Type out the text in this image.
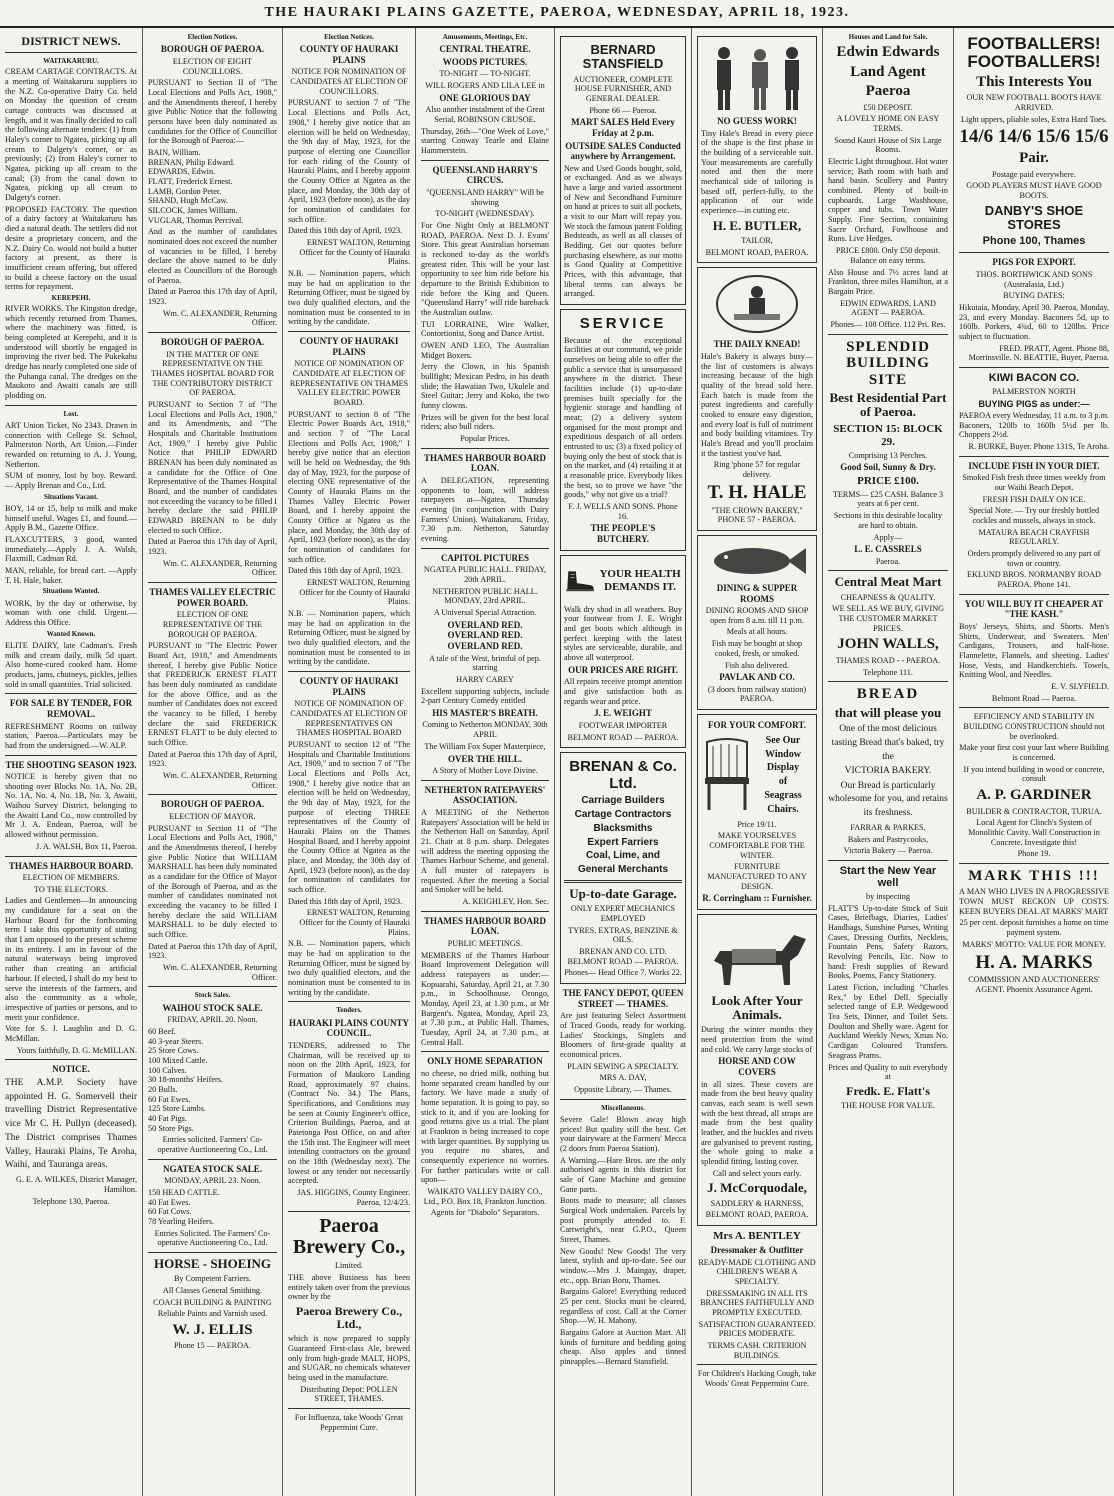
THE HAURAKI PLAINS GAZETTE, PAEROA, WEDNESDAY, APRIL 18, 1923.
DISTRICT NEWS.
WAITAKARURU.
CREAM CARTAGE CONTRACTS. At a meeting of Waitakaruru suppliers to the N.Z. Co-operative Dairy Co. held on Monday the question of cream cartage contracts was discussed at length, and it was finally decided to call the following alternate tenders: (1) from Haley's corner to Ngatea, picking up all cream to Dalgety's corner, or as previously; (2) from Haley's corner to Ngatea, picking up all cream to the canal; (3) from the canal down to Ngatea, picking up all cream to Dalgety's corner.
PROPOSED FACTORY. The question of a dairy factory at Waitakaruru has died a natural death. The settlers did not desire a proprietary concern, and the N.Z. Dairy Co. would not build a butter factory at present, as there is insufficient cream offering, but offered to build a cheese factory on the usual terms for repayment.
KEREPEHI.
RIVER WORKS. The Kingston dredge, which recently returned from Thames, where the machinery was fitted, is being completed at Kerepehi, and it is understood will shortly be engaged in improving the river bed. The Pukekahu dredge has nearly completed one side of the Puhanga canal. The dredges on the Maukoro and Awaiti canals are still plodding on.
Lost.
ART Union Ticket, No 2343. Drawn in connection with Cellege St. School, Palmerston North, Art Union.—Finder rewarded on returning to A. J. Young, Netherton.
SUM of money, lost by boy. Reward. — Apply Brenan and Co., Ltd.
Situations Vacant.
BOY, 14 or 15, help to milk and make himself useful. Wages £1, and found.—Apply B.M., Gazette Office.
FLAXCUTTERS, 3 good, wanted immediately.—Apply J. A. Walsh, Flaxmill, Cadman Rd.
MAN, reliable, for bread cart. —Apply T. H. Hale, baker.
Situations Wanted.
WORK, by the day or otherwise, by woman with one child. Urgent.—Address this Office.
Wanted Known.
ELITE DAIRY, late Cadman's. Fresh milk and cream daily, milk 5d quart. Also home-cured cooked ham. Home products, jams, chutneys, pickles, jellies sold in small quantities. Trial solicited.
FOR SALE BY TENDER, FOR REMOVAL.
REFRESHMENT Rooms on railway station, Paeroa.—Particulars may be had from the undersigned.—W. ALP.
THE SHOOTING SEASON 1923.
NOTICE is hereby given that no shooting over Blocks No. 1A, No. 2B, No. 1A, No. 4, No. 1B, No. 3, Awaiti, Waihou Survey District, belonging to the Awaiti Land Co., now controlled by Mr J. A. Endean, Paeroa, will be allowed without permission.
J. A. WALSH, Box 11, Paeroa.
THAMES HARBOUR BOARD.
ELECTION OF MEMBERS.
TO THE ELECTORS.
Ladies and Gentlemen—In announcing my candidature for a seat on the Harbour Board for the forthcoming term I take this opportunity of stating that I am opposed to the present scheme in its entirety. I am in favour of the natural waterways being improved rather than creating an artificial harbour. If elected, I shall do my best to serve the interests of the farmers, and also the community as a whole, irrespective of parties or persons, and to merit your confidence.
Vote for S. J. Laughlin and D. G. McMillan.
Yours faithfully, D. G. McMILLAN.
NOTICE.
THE A.M.P. Society have appointed H. G. Somervell their travelling District Representative vice Mr C. H. Pullyn (deceased). The District comprises Thames Valley, Hauraki Plains, Te Aroha, Waihi, and Tauranga areas.
G. E. A. WILKES, District Manager, Hamilton.
Telephone 130, Paeroa.
Election Notices.
BOROUGH OF PAEROA.
ELECTION OF EIGHT COUNCILLORS.
PURSUANT to Section II of "The Local Elections and Polls Act, 1908," and the Amendments thereof, I hereby give Public Notice that the following persons have been duly nominated as candidates for the Office of Councillor for the Borough of Paeroa:—
BAIN, William.
BRENAN, Philip Edward.
EDWARDS, Edwin.
FLATT, Frederick Ernest.
LAMB, Gordon Peter.
SHAND, Hugh McCaw.
SILCOCK, James William.
VUGLAR, Thomas Percival.
And as the number of candidates nominated does not exceed the number of vacancies to be filled, I hereby declare the above named to be duly elected as Councillors of the Borough of Paeroa.
Dated at Paeroa this 17th day of April, 1923.
Wm. C. ALEXANDER, Returning Officer.
BOROUGH OF PAEROA.
IN THE MATTER OF ONE REPRESENTATIVE ON THE THAMES HOSPITAL BOARD FOR THE CONTRIBUTORY DISTRICT OF PAEROA.
PURSUANT to Section 7 of "The Local Elections and Polls Act, 1908," and its Amendments, and "The Hospitals and Charitable Institutions Act, 1909," I hereby give Public Notice that PHILIP EDWARD BRENAN has been duly nominated as a candidate for the Office of One Representative of the Thames Hospital Board, and the number of candidates not exceeding the vacancy to be filled I hereby declare the said PHILIP EDWARD BRENAN to be duly elected to such Office.
Dated at Paeroa this 17th day of April, 1923.
Wm. C. ALEXANDER, Returning Officer.
THAMES VALLEY ELECTRIC POWER BOARD.
ELECTION OF ONE REPRESENTATIVE OF THE BOROUGH OF PAEROA.
PURSUANT to "The Electric Power Board Act, 1918," and Amendments thereof, I hereby give Public Notice that FREDERICK ERNEST FLATT has been duly nominated as candidate for the above Office, and as the number of Candidates does not exceed the vacancy to be filled, I hereby declare the said FREDERICK ERNEST FLATT to be duly elected to such Office.
Dated at Paeroa this 17th day of April, 1923.
Wm. C. ALEXANDER, Returning Officer.
BOROUGH OF PAEROA.
ELECTION OF MAYOR.
PURSUANT to Section 11 of "The Local Elections and Polls Act, 1908," and the Amendments thereof, I hereby give Public Notice that WILLIAM MARSHALL has been duly nominated as a candidate for the Office of Mayor of the Borough of Paeroa, and as the number of candidates nominated not exceeding the vacancy to be filled I hereby declare the said WILLIAM MARSHALL to be duly elected to such Office.
Dated at Paeroa this 17th day of April, 1923.
Wm. C. ALEXANDER, Returning Officer.
Stock Sales.
WAIHOU STOCK SALE.
FRIDAY, APRIL 20. Noon.
60 Beef.
40 3-year Steers.
25 Store Cows.
100 Mixed Cattle.
100 Calves.
30 18-months' Heifers.
20 Bulls.
60 Fat Ewes.
125 Store Lambs.
40 Fat Pigs.
50 Store Pigs.
Entries solicited. Farmers' Co-operative Auctioneering Co., Ltd.
NGATEA STOCK SALE.
MONDAY, APRIL 23. Noon.
150 HEAD CATTLE.
40 Fat Ewes.
60 Fat Cows.
78 Yearling Heifers.
Entries Solicited. The Farmers' Co-operative Auctioneering Co., Ltd.
HORSE - SHOEING
By Competent Farriers.
All Classes General Smithing.
COACH BUILDING & PAINTING
Reliable Paints and Varnish used.
W. J. ELLIS
Phone 15 — PAEROA.
Election Notices.
COUNTY OF HAURAKI PLAINS
NOTICE FOR NOMINATION OF CANDIDATES AT ELECTION OF COUNCILLORS.
PURSUANT to section 7 of "The Local Elections and Polls Act, 1908," I hereby give notice that an election will be held on Wednesday, the 9th day of May, 1923, for the purpose of electing one Councillor for each riding of the County of Hauraki Plains, and I hereby appoint the County Office at Ngatea as the place, and Monday, the 30th day of April, 1923 (before noon), as the day for nomination of candidates for such office.
Dated this 18th day of April, 1923.
ERNEST WALTON, Returning Officer for the County of Hauraki Plains.
N.B. — Nomination papers, which may be had on application to the Returning Officer, must be signed by two duly qualified electors, and the nomination must be consented to in writing by the candidate.
COUNTY OF HAURAKI PLAINS
NOTICE OF NOMINATION OF CANDIDATE AT ELECTION OF REPRESENTATIVE ON THAMES VALLEY ELECTRIC POWER BOARD.
PURSUANT to section 8 of "The Electric Power Boards Act, 1918," and section 7 of "The Local Elections and Polls Act, 1908," I hereby give notice that an election will be held on Wednesday, the 9th day of May, 1923, for the purpose of electing ONE representative of the County of Hauraki Plains on the Thames Valley Electric Power Board, and I hereby appoint the County Office at Ngatea as the place, and Monday, the 30th day of April, 1923 (before noon), as the day for nomination of candidates for such office.
Dated this 18th day of April, 1923.
ERNEST WALTON, Returning Officer for the County of Hauraki Plains.
N.B. — Nomination papers, which may be had on application to the Returning Officer, must be signed by two duly qualified electors, and the nomination must be consented to in writing by the candidate.
COUNTY OF HAURAKI PLAINS
NOTICE OF NOMINATION OF CANDIDATES AT ELECTION OF REPRESENTATIVES ON THAMES HOSPITAL BOARD
PURSUANT to section 12 of "The Hospitals and Charitable Institutions Act, 1909," and to section 7 of "The Local Elections and Polls Act, 1908," I hereby give notice that an election will be held on Wednesday, the 9th day of May, 1923, for the purpose of electing THREE representatives of the County of Hauraki Plains on the Thames Hospital Board, and I hereby appoint the County Office at Ngatea as the place, and Monday, the 30th day of April, 1923 (before noon), as the day for nomination of candidates for such office.
Dated this 18th day of April, 1923.
ERNEST WALTON, Returning Officer for the County of Hauraki Plains.
N.B. — Nomination papers, which may be had on application to the Returning Officer, must be signed by two duly qualified electors, and the nomination must be consented to in writing by the candidate.
Tenders.
HAURAKI PLAINS COUNTY COUNCIL.
TENDERS, addressed to The Chairman, will be received up to noon on the 20th April, 1923, for Formation of Maukoro Landing Road, approximately 97 chains. (Contract No. 34.) The Plans, Specifications, and Conditions may be seen at County Engineer's office, Criterion Buildings, Paeroa, and at Patetonga Post Office, on and after the 15th inst. The Engineer will meet intending contractors on the ground on the 18th (Wednesday next). The lowest or any tender not necessarily accepted.
JAS. HIGGINS, County Engineer. Paeroa, 12/4/23.
Paeroa Brewery Co.,
Limited.
THE above Business has been entirely taken over from the previous owner by the
Paeroa Brewery Co., Ltd.,
which is now prepared to supply Guaranteed First-class Ale, brewed only from high-grade MALT, HOPS, and SUGAR, no chemicals whatever being used in the manufacture.
Distributing Depot: POLLEN STREET, THAMES.
For Influenza, take Woods' Great Peppermint Cure.
Amusements, Meetings, Etc.
CENTRAL THEATRE.
WOODS PICTURES.
TO-NIGHT — TO-NIGHT.
WILL ROGERS AND LILA LEE in
ONE GLORIOUS DAY
Also another instalment of the Great Serial, ROBINSON CRUSOE.
Thursday, 26th—"One Week of Love," starring Conway Tearle and Elaine Hammerstein.
QUEENSLAND HARRY'S CIRCUS.
"QUEENSLAND HARRY" Will be showing
TO-NIGHT (WEDNESDAY).
For One Night Only at BELMONT ROAD, PAEROA. Next D. J. Evans' Store. This great Australian horseman is reckoned to-day as the world's greatest rider. This will be your last opportunity to see him ride before his departure to the British Exhibition to ride before the King and Queen. "Queensland Harry" will ride bareback the Australian outlaw.
TUI LORRAINE, Wire Walker, Contortionist, Song and Dance Artist.
OWEN AND LEO, The Australian Midget Boxers.
Jerry the Clown, in his Spanish bullfight; Mexican Pedro, in his death slide; the Hawaiian Two, Ukulele and Steel Guitar; Jerry and Koko, the two funny clowns.
Prizes will be given for the best local riders; also bull riders.
Popular Prices.
THAMES HARBOUR BOARD LOAN.
A DELEGATION, representing opponents to loan, will address ratepayers at—Ngatea, Thursday evening (in conjunction with Dairy Farmers' Union). Waitakaruru, Friday, 7.30 p.m. Netherton, Saturday evening.
CAPITOL PICTURES
NGATEA PUBLIC HALL. FRIDAY, 20th APRIL.
NETHERTON PUBLIC HALL. MONDAY, 23rd APRIL.
A Universal Special Attraction.
OVERLAND RED. OVERLAND RED. OVERLAND RED.
A tale of the West, brimful of pep. starring
HARRY CAREY
Excellent supporting subjects, include 2-part Century Comedy entitled
HIS MASTER'S BREATH.
Coming to Netherton MONDAY, 30th APRIL
The William Fox Super Masterpiece,
OVER THE HILL.
A Story of Mother Love Divine.
NETHERTON RATEPAYERS' ASSOCIATION.
A MEETING of the Netherton Ratepayers' Association will be held in the Netherton Hall on Saturday, April 21. Chair at 8 p.m. sharp. Delegates will address the meeting opposing the Thames Harbour Scheme, and general. A full muster of ratepayers is requested. After the meeting a Social and Smoker will be held.
A. KEIGHLEY, Hon. Sec.
THAMES HARBOUR BOARD LOAN.
PUBLIC MEETINGS.
MEMBERS of the Thames Harbour Board Improvement Delegation will address ratepayers as under:—Kopuarahi, Saturday, April 21, at 7.30 p.m., in Schoolhouse. Orongo, Monday, April 23, at 1.30 p.m., at Mr Bargent's. Ngatea, Monday, April 23, at 7.30 p.m., at Public Hall. Thames, Tuesday, April 24, at 7.30 p.m., at Central Hall.
ONLY HOME SEPARATION
no cheese, no dried milk, nothing but home separated cream handled by our factory. We have made a study of home separation. It is going to pay, so stick to it, and if you are looking for good returns give us a trial. The plant at Frankton is being increased to cope with larger quantities. By supplying us you require no shares, and consequently experience no worries. For further particulars write or call upon—
WAIKATO VALLEY DAIRY CO., Ltd., P.O. Box 18, Frankton Junction.
Agents for "Diabolo" Separators.
BERNARD STANSFIELD
AUCTIONEER, COMPLETE HOUSE FURNISHER, AND GENERAL DEALER.
Phone 66 — Paeroa.
MART SALES Held Every Friday at 2 p.m.
OUTSIDE SALES Conducted anywhere by Arrangement.
New and Used Goods bought, sold, or exchanged. And as we always have a large and varied assortment of New and Secondhand Furniture on hand at prices to suit all pockets, a visit to our Mart will repay you. We stock the famous patent Folding Bedsteads, as well as all classes of Bedding. Get our quotes before purchasing elsewhere, as our motto is Good Quality at Competitive Prices, with this advantage, that liberal terms can always be arranged.
SERVICE
Because of the exceptional facilities at our command, we pride ourselves on being able to offer the public a service that is unsurpassed anywhere in the district. These facilities include (1) up-to-date premises built specially for the hygienic storage and handling of meat; (2) a delivery system organised for the most prompt and expeditious despatch of all orders entrusted to us; (3) a fixed policy of buying only the best of stock that is on the market, and (4) retailing it at a reasonable price. Everybody likes the best, so to prove we have "the goods," why not give us a trial?
F. J. WELLS AND SONS. Phone 16.
THE PEOPLE'S BUTCHERY.
YOUR HEALTH DEMANDS IT.
Walk dry shod in all weathers. Buy your footwear from J. E. Wright and get boots which although in perfect keeping with the latest styles are serviceable, durable, and above all waterproof.
OUR PRICES ARE RIGHT.
All repairs receive prompt attention and give satisfaction both as regards wear and price.
J. E. WEIGHT
FOOTWEAR IMPORTER
BELMONT ROAD — PAEROA.
BRENAN & Co. Ltd.
Carriage Builders
Cartage Contractors
Blacksmiths
Expert Farriers
Coal, Lime, and
General Merchants
Up-to-date Garage.
ONLY EXPERT MECHANICS EMPLOYED
TYRES, EXTRAS, BENZINE & OILS.
BRENAN AND CO. LTD. BELMONT ROAD — PAEROA.
Phones— Head Office 7. Works 22.
THE FANCY DEPOT, QUEEN STREET — THAMES.
Are just featuring Select Assortment of Traced Goods, ready for working. Ladies' Stockings, Singlets and Bloomers of first-grade quality at economical prices.
PLAIN SEWING A SPECIALTY.
MRS A. DAY,
Opposite Library, — Thames.
Miscellaneous.
Severe Gale! Blown away high prices! But quality still the best. Get your dairyware at the Farmers' Mecca (2 doors from Paeroa Station).
A Warning.—Hare Bros. are the only authorised agents in this district for sale of Gane Machine and genuine Gane parts.
Boots made to measure; all classes Surgical Work undertaken. Parcels by post promptly attended to. F. Cartwright's, near G.P.O., Queen Street, Thames.
New Goods! New Goods! The very latest, stylish and up-to-date. See our window.—Mrs J. Maingay, draper, etc., opp. Brian Boru, Thames.
Bargains Galore! Everything reduced 25 per cent. Stocks must be cleared, regardless of cost. Call at the Corner Shop.—W. H. Mahony.
Bargains Galore at Auction Mart. All kinds of furniture and bedding going cheap. Also apples and tinned pineapples.—Bernard Stansfield.
NO GUESS WORK!
Tiny Hale's Bread in every piece of the shape is the first phase in the building of a serviceable suit. Your measurements are carefully noted and then the mere mechanical side of tailoring is based off, perfect-fully, to the application of our wide experience—in cutting etc.
H. E. BUTLER,
TAILOR,
BELMONT ROAD, PAEROA.
THE DAILY KNEAD!
Hale's Bakery is always busy—the list of customers is always increasing because of the high quality of the bread sold here. Each batch is made from the purest ingredients and carefully cooked to ensure easy digestion, and every loaf is full of nutriment and body building vitamines. Try Hale's Bread and you'll proclaim it the tastiest you've had.
Ring 'phone 57 for regular delivery.
T. H. HALE
"THE CROWN BAKERY," PHONE 57 - PAEROA.
DINING & SUPPER ROOMS
DINING ROOMS AND SHOP open from 8 a.m. till 11 p.m.
Meals at all hours.
Fish may be bought at shop cooked, fresh, or smoked.
Fish also delivered.
PAVLAK AND CO.
(3 doors from railway station) PAEROA.
FOR YOUR COMFORT.
See Our
Window
Display
of
Seagrass
Chairs.
Price 19/11.
MAKE YOURSELVES COMFORTABLE FOR THE WINTER.
FURNITURE MANUFACTURED TO ANY DESIGN.
R. Corringham :: Furnisher.
Look After Your Animals.
During the winter months they need protection from the wind and cold. We carry large stocks of
HORSE AND COW COVERS
in all sizes. These covers are made from the best heavy quality canvas, each seam is well sewn with the best thread, all straps are made from the best quality leather, and the buckles and rivets are galvanised to prevent rusting, the whole going to make a splendid fitting, lasting cover.
Call and select yours early.
J. McCorquodale,
SADDLERY & HARNESS,
BELMONT ROAD, PAEROA.
Mrs A. BENTLEY
Dressmaker & Outfitter
READY-MADE CLOTHING AND CHILDREN'S WEAR A SPECIALTY.
DRESSMAKING IN ALL ITS BRANCHES FAITHFULLY AND PROMPTLY EXECUTED.
SATISFACTION GUARANTEED. PRICES MODERATE.
TERMS CASH. CRITERION BUILDINGS.
For Children's Hacking Cough, take Woods' Great Peppermint Cure.
Houses and Land for Sale.
Edwin Edwards
Land Agent
Paeroa
£50 DEPOSIT.
A LOVELY HOME ON EASY TERMS.
Sound Kauri House of Six Large Rooms.
Electric Light throughout. Hot water service; Bath room with bath and hand basin. Scullery and Pantry combined. Plenty of built-in cupboards. Large Washhouse, copper and tubs. Town Water Supply. Fine Section, containing Sacre Orchard, Fowlhouse and Runs. Live Hedges.
PRICE £800. Only £50 deposit. Balance on easy terms.
Also House and 7½ acres land at Frankton, three miles Hamilton, at a Bargain Price.
EDWIN EDWARDS, LAND AGENT — PAEROA.
Phones— 108 Office. 112 Pri. Res.
SPLENDID BUILDING SITE
Best Residential Part of Paeroa.
SECTION 15: BLOCK 29.
Comprising 13 Perches.
Good Soil, Sunny & Dry.
PRICE £100.
TERMS— £25 CASH. Balance 3 years at 6 per cent.
Sections in this desirable locality are hard to obtain.
Apply—
L. E. CASSRELS
Paeroa.
Central Meat Mart
CHEAPNESS & QUALITY.
WE SELL AS WE BUY, GIVING THE CUSTOMER MARKET PRICES.
JOHN WALLS,
THAMES ROAD - - PAEROA.
Telephone 111.
BREAD
that will please you
One of the most delicious tasting Bread that's baked, try the
VICTORIA BAKERY.
Our Bread is particularly wholesome for you, and retains its freshness.
FARRAR & PARKES,
Bakers and Pastrycooks,
Victoria Bakery — Paeroa.
Start the New Year well
by inspecting
FLATT'S Up-to-date Stock of Suit Cases, Briefbags, Diaries, Ladies' Handbags, Sunshine Purses, Writing Cases, Dressing Outfits, Necklets, Fountain Pens, Safety Razors, Revolving Pencils, Etc. Now to hand: Fresh supplies of Reward Books, Poems, Fancy Stationery.
Latest Fiction, including "Charles Rex," by Ethel Dell. Specially selected range of E.P. Wedgewood Tea Sets, Dinner, and Toilet Sets. Doulton and Shelly ware. Agent for Auckland Weekly News, Xmas No. Cardigan Coloured Transfers. Seagrass Prams.
Prices and Quality to suit everybody at
Fredk. E. Flatt's
THE HOUSE FOR VALUE.
FOOTBALLERS! FOOTBALLERS!
This Interests You
OUR NEW FOOTBALL BOOTS HAVE ARRIVED.
Light uppers, pliable soles, Extra Hard Toes.
14/6 14/6 15/6 15/6
Pair.
Postage paid everywhere.
GOOD PLAYERS MUST HAVE GOOD BOOTS.
DANBY'S SHOE STORES
Phone 100, Thames
PIGS FOR EXPORT.
THOS. BORTHWICK AND SONS (Australasia, Ltd.)
BUYING DATES:
Hikutaia, Monday, April 30. Paeroa, Monday, 23, and every Monday. Baconers 5d, up to 160lb. Porkers, 4¾d, 60 to 120lbs. Price subject to fluctuation.
FRED. PRATT, Agent. Phone 88, Morrinsville. N. BEATTIE, Buyer, Paeroa.
KIWI BACON CO.
PALMERSTON NORTH
BUYING PIGS as under:—
PAEROA every Wednesday, 11 a.m. to 3 p.m. Baconers, 120lb to 160lb 5½d per lb. Choppers 2½d.
R. BURKE, Buyer. Phone 131S, Te Aroha.
INCLUDE FISH IN YOUR DIET.
Smoked Fish fresh three times weekly from our Waihi Beach Depot.
FRESH FISH DAILY ON ICE.
Special Note. — Try our freshly bottled cockles and mussels, always in stock.
MATAURA BEACH CRAYFISH REGULARLY.
Orders promptly delivered to any part of town or country.
EKLUND BROS. NORMANBY ROAD PAEROA. Phone 141.
YOU WILL BUY IT CHEAPER AT "THE KASH."
Boys' Jerseys, Shirts, and Shorts. Men's Shirts, Underwear, and Sweaters. Men' Cardigans, Trousers, and half-hose. Flannelette, Flannels, and sheeting. Ladies' Hose, Vests, and Handkerchiefs. Towels, Knitting Wool, and Needles.
E. V. SLYFIELD.
Belmont Road — Paeroa.
EFFICIENCY AND STABILITY IN BUILDING CONSTRUCTION should not be overlooked.
Make your first cost your last where Building is concerned.
If you intend building in wood or concrete, consult
A. P. GARDINER
BUILDER & CONTRACTOR, TURUA.
Local Agent for Clinch's System of Monolithic Cavity. Wall Construction in Concrete. Investigate this!
Phone 19.
MARK THIS !!!
A MAN WHO LIVES IN A PROGRESSIVE TOWN MUST RECKON UP COSTS. KEEN BUYERS DEAL AT MARKS' MART
25 per cent. deposit furnishes a home on time payment system.
MARKS' MOTTO: VALUE FOR MONEY.
H. A. MARKS
COMMISSION AND AUCTIONEERS' AGENT. Phoenix Assurance Agent.
